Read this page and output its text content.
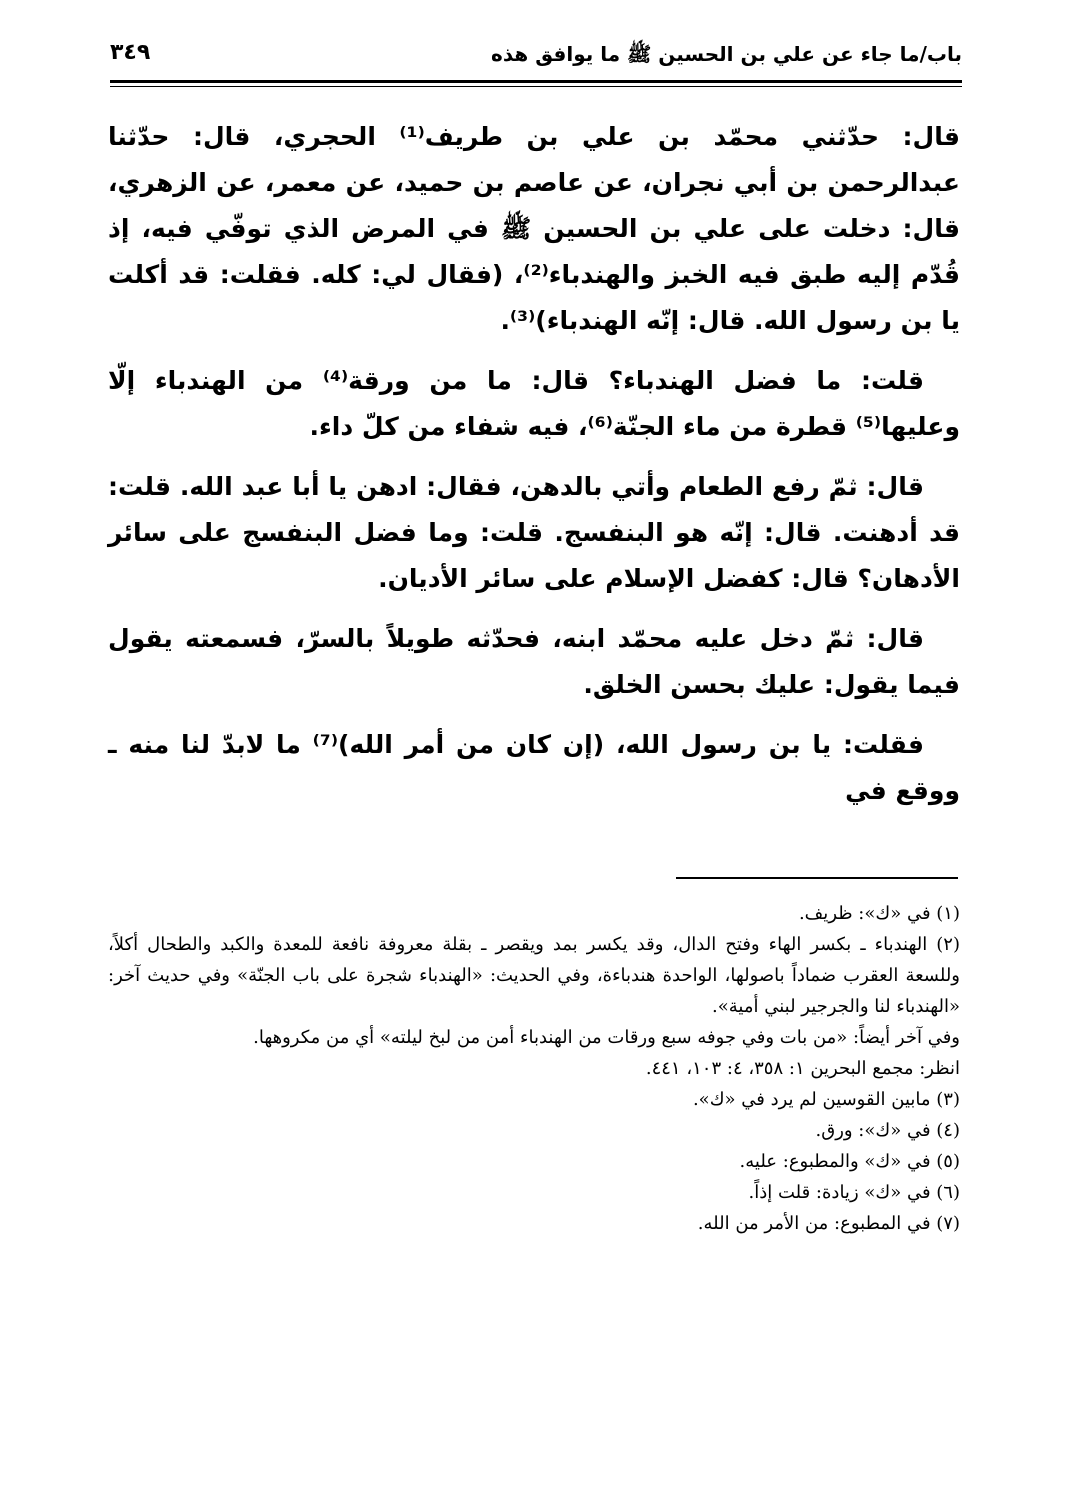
باب/ما جاء عن علي بن الحسين ﷺ ما يوافق هذه
٣٤٩

قال: حدّثني محمّد بن علي بن طريف⁽¹⁾ الحجري، قال: حدّثنا عبدالرحمن بن أبي نجران، عن عاصم بن حميد، عن معمر، عن الزهري، قال: دخلت على علي بن الحسين ﷺ في المرض الذي توفّي فيه، إذ قُدّم إليه طبق فيه الخبز والهندباء⁽²⁾، (فقال لي: كله. فقلت: قد أكلت يا بن رسول الله. قال: إنّه الهندباء)⁽³⁾.

قلت: ما فضل الهندباء؟ قال: ما من ورقة⁽⁴⁾ من الهندباء إلّا وعليها⁽⁵⁾ قطرة من ماء الجنّة⁽⁶⁾، فيه شفاء من كلّ داء.

قال: ثمّ رفع الطعام وأتي بالدهن، فقال: ادهن يا أبا عبد الله. قلت: قد أدهنت. قال: إنّه هو البنفسج. قلت: وما فضل البنفسج على سائر الأدهان؟ قال: كفضل الإسلام على سائر الأديان.

قال: ثمّ دخل عليه محمّد ابنه، فحدّثه طويلاً بالسرّ، فسمعته يقول فيما يقول: عليك بحسن الخلق.

فقلت: يا بن رسول الله، (إن كان من أمر الله)⁽⁷⁾ ما لابدّ لنا منه ـ ووقع في

(١) في «ك»: ظريف.

(٢) الهندباء ـ بكسر الهاء وفتح الدال، وقد يكسر بمد ويقصر ـ بقلة معروفة نافعة للمعدة والكبد والطحال أكلاً، وللسعة العقرب ضماداً باصولها، الواحدة هندباءة، وفي الحديث: «الهندباء شجرة على باب الجنّة» وفي حديث آخر: «الهندباء لنا والجرجير لبني أمية».

وفي آخر أيضاً: «من بات وفي جوفه سبع ورقات من الهندباء أمن من لبخ ليلته» أي من مكروهها.

انظر: مجمع البحرين ١: ٣٥٨، ٤: ١٠٣، ٤٤١.

(٣) مابين القوسين لم يرد في «ك».

(٤) في «ك»: ورق.

(٥) في «ك» والمطبوع: عليه.

(٦) في «ك» زيادة: قلت إذاً.

(٧) في المطبوع: من الأمر من الله.
